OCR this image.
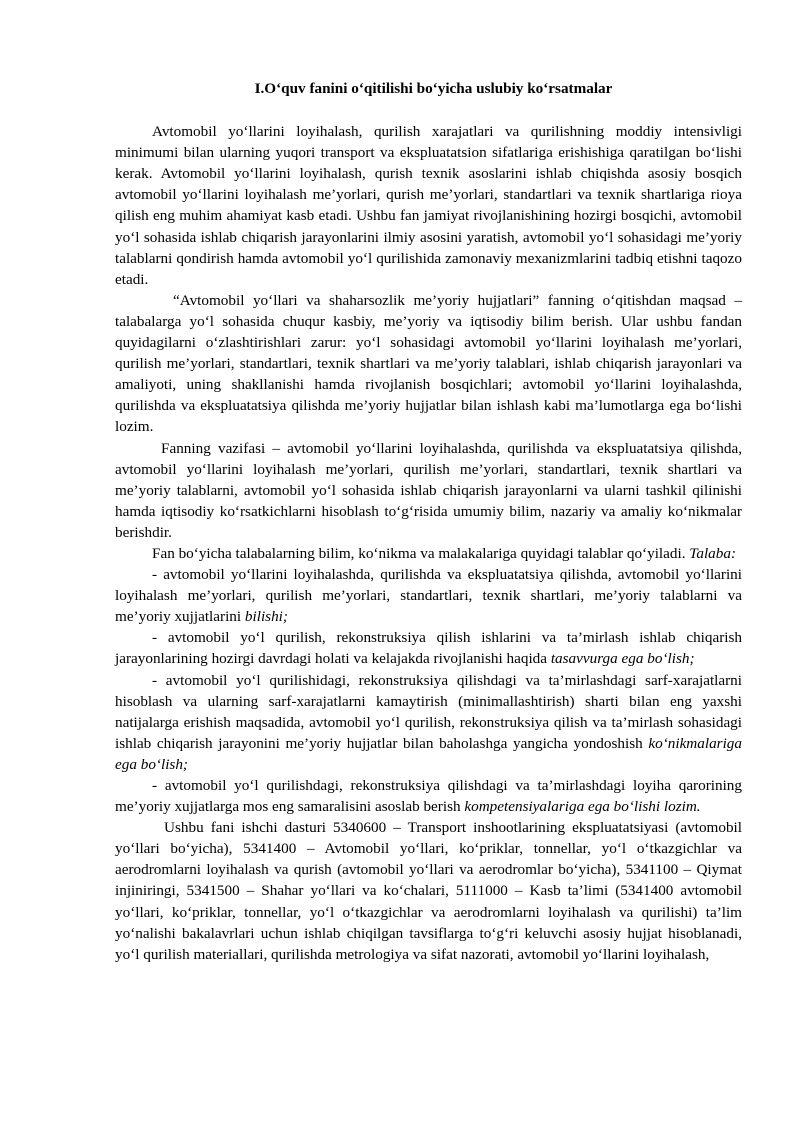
I.O‘quv fanini o‘qitilishi bo‘yicha uslubiy ko‘rsatmalar

Avtomobil yo‘llarini loyihalash, qurilish xarajatlari va qurilishning moddiy intensivligi minimumi bilan ularning yuqori transport va ekspluatatsion sifatlariga erishishiga qaratilgan bo‘lishi kerak. Avtomobil yo‘llarini loyihalash, qurish texnik asoslarini ishlab chiqishda asosiy bosqich avtomobil yo‘llarini loyihalash me’yorlari, qurish me’yorlari, standartlari va texnik shartlariga rioya qilish eng muhim ahamiyat kasb etadi. Ushbu fan jamiyat rivojlanishining hozirgi bosqichi, avtomobil yo‘l sohasida ishlab chiqarish jarayonlarini ilmiy asosini yaratish, avtomobil yo‘l sohasidagi me’yoriy talablarni qondirish hamda avtomobil yo‘l qurilishida zamonaviy mexanizmlarini tadbiq etishni taqozo etadi.

“Avtomobil yo‘llari va shaharsozlik me’yoriy hujjatlari” fanning o‘qitishdan maqsad – talabalarga yo‘l sohasida chuqur kasbiy, me’yoriy va iqtisodiy bilim berish. Ular ushbu fandan quyidagilarni o‘zlashtirishlari zarur: yo‘l sohasidagi avtomobil yo‘llarini loyihalash me’yorlari, qurilish me’yorlari, standartlari, texnik shartlari va me’yoriy talablari, ishlab chiqarish jarayonlari va amaliyoti, uning shakllanishi hamda rivojlanish bosqichlari; avtomobil yo‘llarini loyihalashda, qurilishda va ekspluatatsiya qilishda me’yoriy hujjatlar bilan ishlash kabi ma’lumotlarga ega bo‘lishi lozim.

Fanning vazifasi – avtomobil yo‘llarini loyihalashda, qurilishda va ekspluatatsiya qilishda, avtomobil yo‘llarini loyihalash me’yorlari, qurilish me’yorlari, standartlari, texnik shartlari va me’yoriy talablarni, avtomobil yo‘l sohasida ishlab chiqarish jarayonlarni va ularni tashkil qilinishi hamda iqtisodiy ko‘rsatkichlarni hisoblash to‘g‘risida umumiy bilim, nazariy va amaliy ko‘nikmalar berishdir.

Fan bo‘yicha talabalarning bilim, ko‘nikma va malakalariga quyidagi talablar qo‘yiladi. Talaba:

- avtomobil yo‘llarini loyihalashda, qurilishda va ekspluatatsiya qilishda, avtomobil yo‘llarini loyihalash me’yorlari, qurilish me’yorlari, standartlari, texnik shartlari, me’yoriy talablarni va me’yoriy xujjatlarini bilishi;

- avtomobil yo‘l qurilish, rekonstruksiya qilish ishlarini va ta’mirlash ishlab chiqarish jarayonlarining hozirgi davrdagi holati va kelajakda rivojlanishi haqida tasavvurga ega bo‘lish;

- avtomobil yo‘l qurilishidagi, rekonstruksiya qilishdagi va ta’mirlashdagi sarf-xarajatlarni hisoblash va ularning sarf-xarajatlarni kamaytirish (minimallashtirish) sharti bilan eng yaxshi natijalarga erishish maqsadida, avtomobil yo‘l qurilish, rekonstruksiya qilish va ta’mirlash sohasidagi ishlab chiqarish jarayonini me’yoriy hujjatlar bilan baholashga yangicha yondoshish ko‘nikmalariga ega bo‘lish;

- avtomobil yo‘l qurilishdagi, rekonstruksiya qilishdagi va ta’mirlashdagi loyiha qarorining me’yoriy xujjatlarga mos eng samaralisini asoslab berish kompetensiyalariga ega bo‘lishi lozim.

Ushbu fani ishchi dasturi 5340600 – Transport inshootlarining ekspluatatsiyasi (avtomobil yo‘llari bo‘yicha), 5341400 – Avtomobil yo‘llari, ko‘priklar, tonnellar, yo‘l o‘tkazgichlar va aerodromlarni loyihalash va qurish (avtomobil yo‘llari va aerodromlar bo‘yicha), 5341100 – Qiymat injiniringi, 5341500 – Shahar yo‘llari va ko‘chalari, 5111000 – Kasb ta’limi (5341400 avtomobil yo‘llari, ko‘priklar, tonnellar, yo‘l o‘tkazgichlar va aerodromlarni loyihalash va qurilishi) ta’lim yo‘nalishi bakalavrlari uchun ishlab chiqilgan tavsiflarga to‘g‘ri keluvchi asosiy hujjat hisoblanadi, yo‘l qurilish materiallari, qurilishda metrologiya va sifat nazorati, avtomobil yo‘llarini loyihalash,
